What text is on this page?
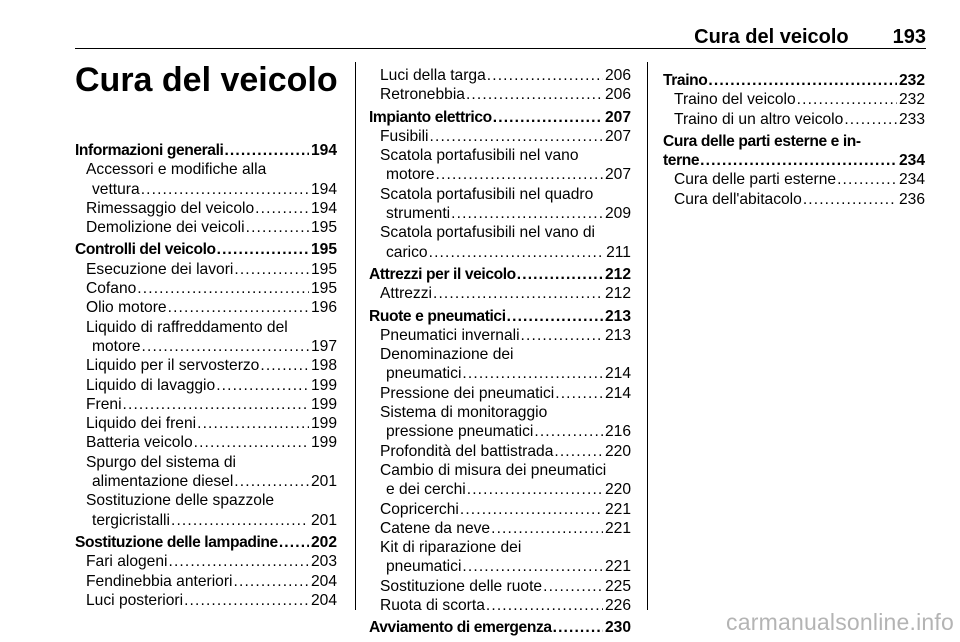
Cura del veicolo 193
Cura del veicolo
Informazioni generali . . .	194
Accessori e modifiche alla
vettura . . .	194
Rimessaggio del veicolo . . .	194
Demolizione dei veicoli . . .	195
Controlli del veicolo . . .	195
Esecuzione dei lavori . . .	195
Cofano . . .	195
Olio motore . . .	196
Liquido di raffreddamento del
motore . . .	197
Liquido per il servosterzo . . .	198
Liquido di lavaggio . . .	199
Freni . . .	199
Liquido dei freni . . .	199
Batteria veicolo . . .	199
Spurgo del sistema di
alimentazione diesel . . .	201
Sostituzione delle spazzole
tergicristalli . . .	201
Sostituzione delle lampadine . . . 202
Fari alogeni . . .	203
Fendinebbia anteriori . . .	204
Luci posteriori . . .	204
Luci della targa . . .	206
Retronebbia . . .	206
Impianto elettrico . . .	207
Fusibili . . .	207
Scatola portafusibili nel vano
motore . . .	207
Scatola portafusibili nel quadro
strumenti . . .	209
Scatola portafusibili nel vano di
carico . . .	211
Attrezzi per il veicolo . . .	212
Attrezzi . . .	212
Ruote e pneumatici . . .	213
Pneumatici invernali . . .	213
Denominazione dei
pneumatici . . .	214
Pressione dei pneumatici . . .	214
Sistema di monitoraggio
pressione pneumatici . . .	216
Profondità del battistrada . . .	220
Cambio di misura dei pneumatici
e dei cerchi . . .	220
Copricerchi . . .	221
Catene da neve . . .	221
Kit di riparazione dei
pneumatici . . .	221
Sostituzione delle ruote . . .	225
Ruota di scorta . . .	226
Avviamento di emergenza . . .	230
Traino . . .	232
Traino del veicolo . . .	232
Traino di un altro veicolo . . .	233
Cura delle parti esterne e in-
terne . . .	234
Cura delle parti esterne . . .	234
Cura dell'abitacolo . . .	236
carmanualsonline.info
